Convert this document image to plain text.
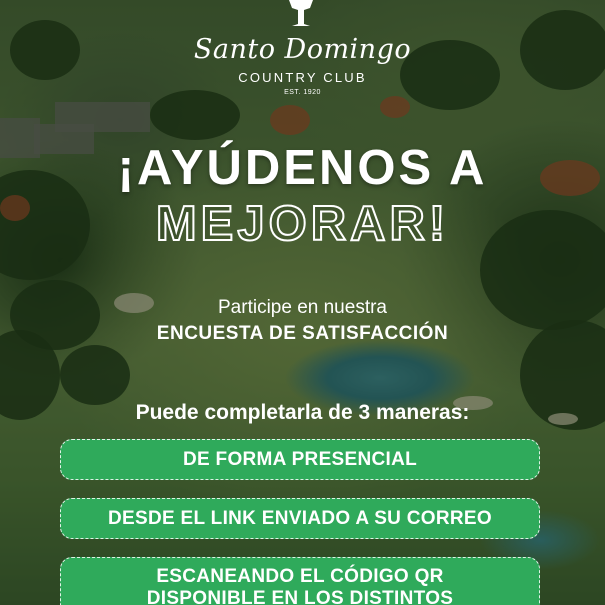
Santo Domingo
COUNTRY CLUB
EST. 1920
¡AYÚDENOS A
MEJORAR!
Participe en nuestra
ENCUESTA DE SATISFACCIÓN
Puede completarla de 3 maneras:
DE FORMA PRESENCIAL
DESDE EL LINK ENVIADO A SU CORREO
ESCANEANDO EL CÓDIGO QR
DISPONIBLE EN LOS DISTINTOS
